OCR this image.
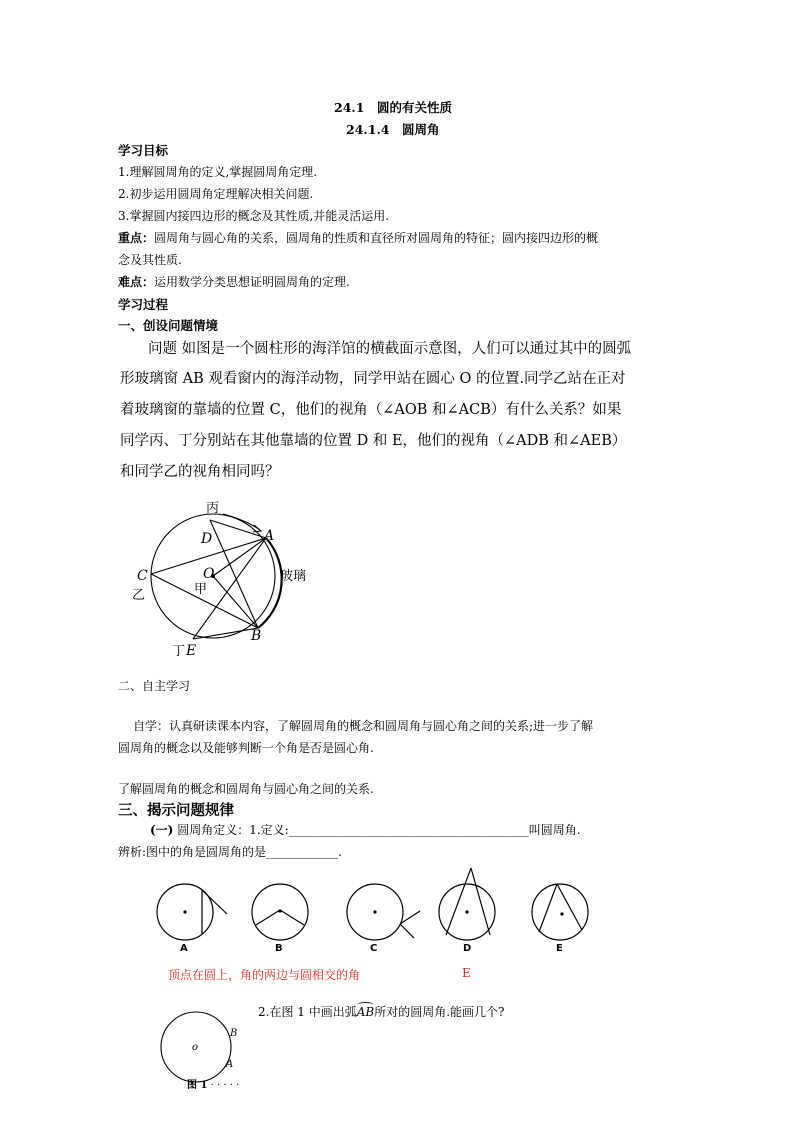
24.1　圆的有关性质
24.1.4　圆周角
学习目标
1.理解圆周角的定义,掌握圆周角定理.
2.初步运用圆周角定理解决相关问题.
3.掌握圆内接四边形的概念及其性质,并能灵活运用.
重点：圆周角与圆心角的关系，圆周角的性质和直径所对圆周角的特征；圆内接四边形的概
念及其性质.
难点：运用数学分类思想证明圆周角的定理.
学习过程
一、创设问题情境
问题 如图是一个圆柱形的海洋馆的横截面示意图，人们可以通过其中的圆弧
形玻璃窗 AB 观看窗内的海洋动物，同学甲站在圆心 O 的位置.同学乙站在正对
着玻璃窗的靠墙的位置 C，他们的视角（∠AOB 和∠ACB）有什么关系？如果
同学丙、丁分别站在其他靠墙的位置 D 和 E，他们的视角（∠ADB 和∠AEB）
和同学乙的视角相同吗？
D	A
O
C
B
E
丙
甲
乙
玻璃
丁
二、自主学习
自学：认真研读课本内容，了解圆周角的概念和圆周角与圆心角之间的关系;进一步了解
圆周角的概念以及能够判断一个角是否是圆心角.
了解圆周角的概念和圆周角与圆心角之间的关系.
三、揭示问题规律
(一) 圆周角定义：1.定义:________________________________________叫圆周角.
辨析:图中的角是圆周角的是____________.
A	B	C	D	E
顶点在圆上，角的两边与圆相交的角	E
2.在图 1 中画出弧
AB所对的圆周角.能画几个?
o
B
A
图 1 · · · · ·
